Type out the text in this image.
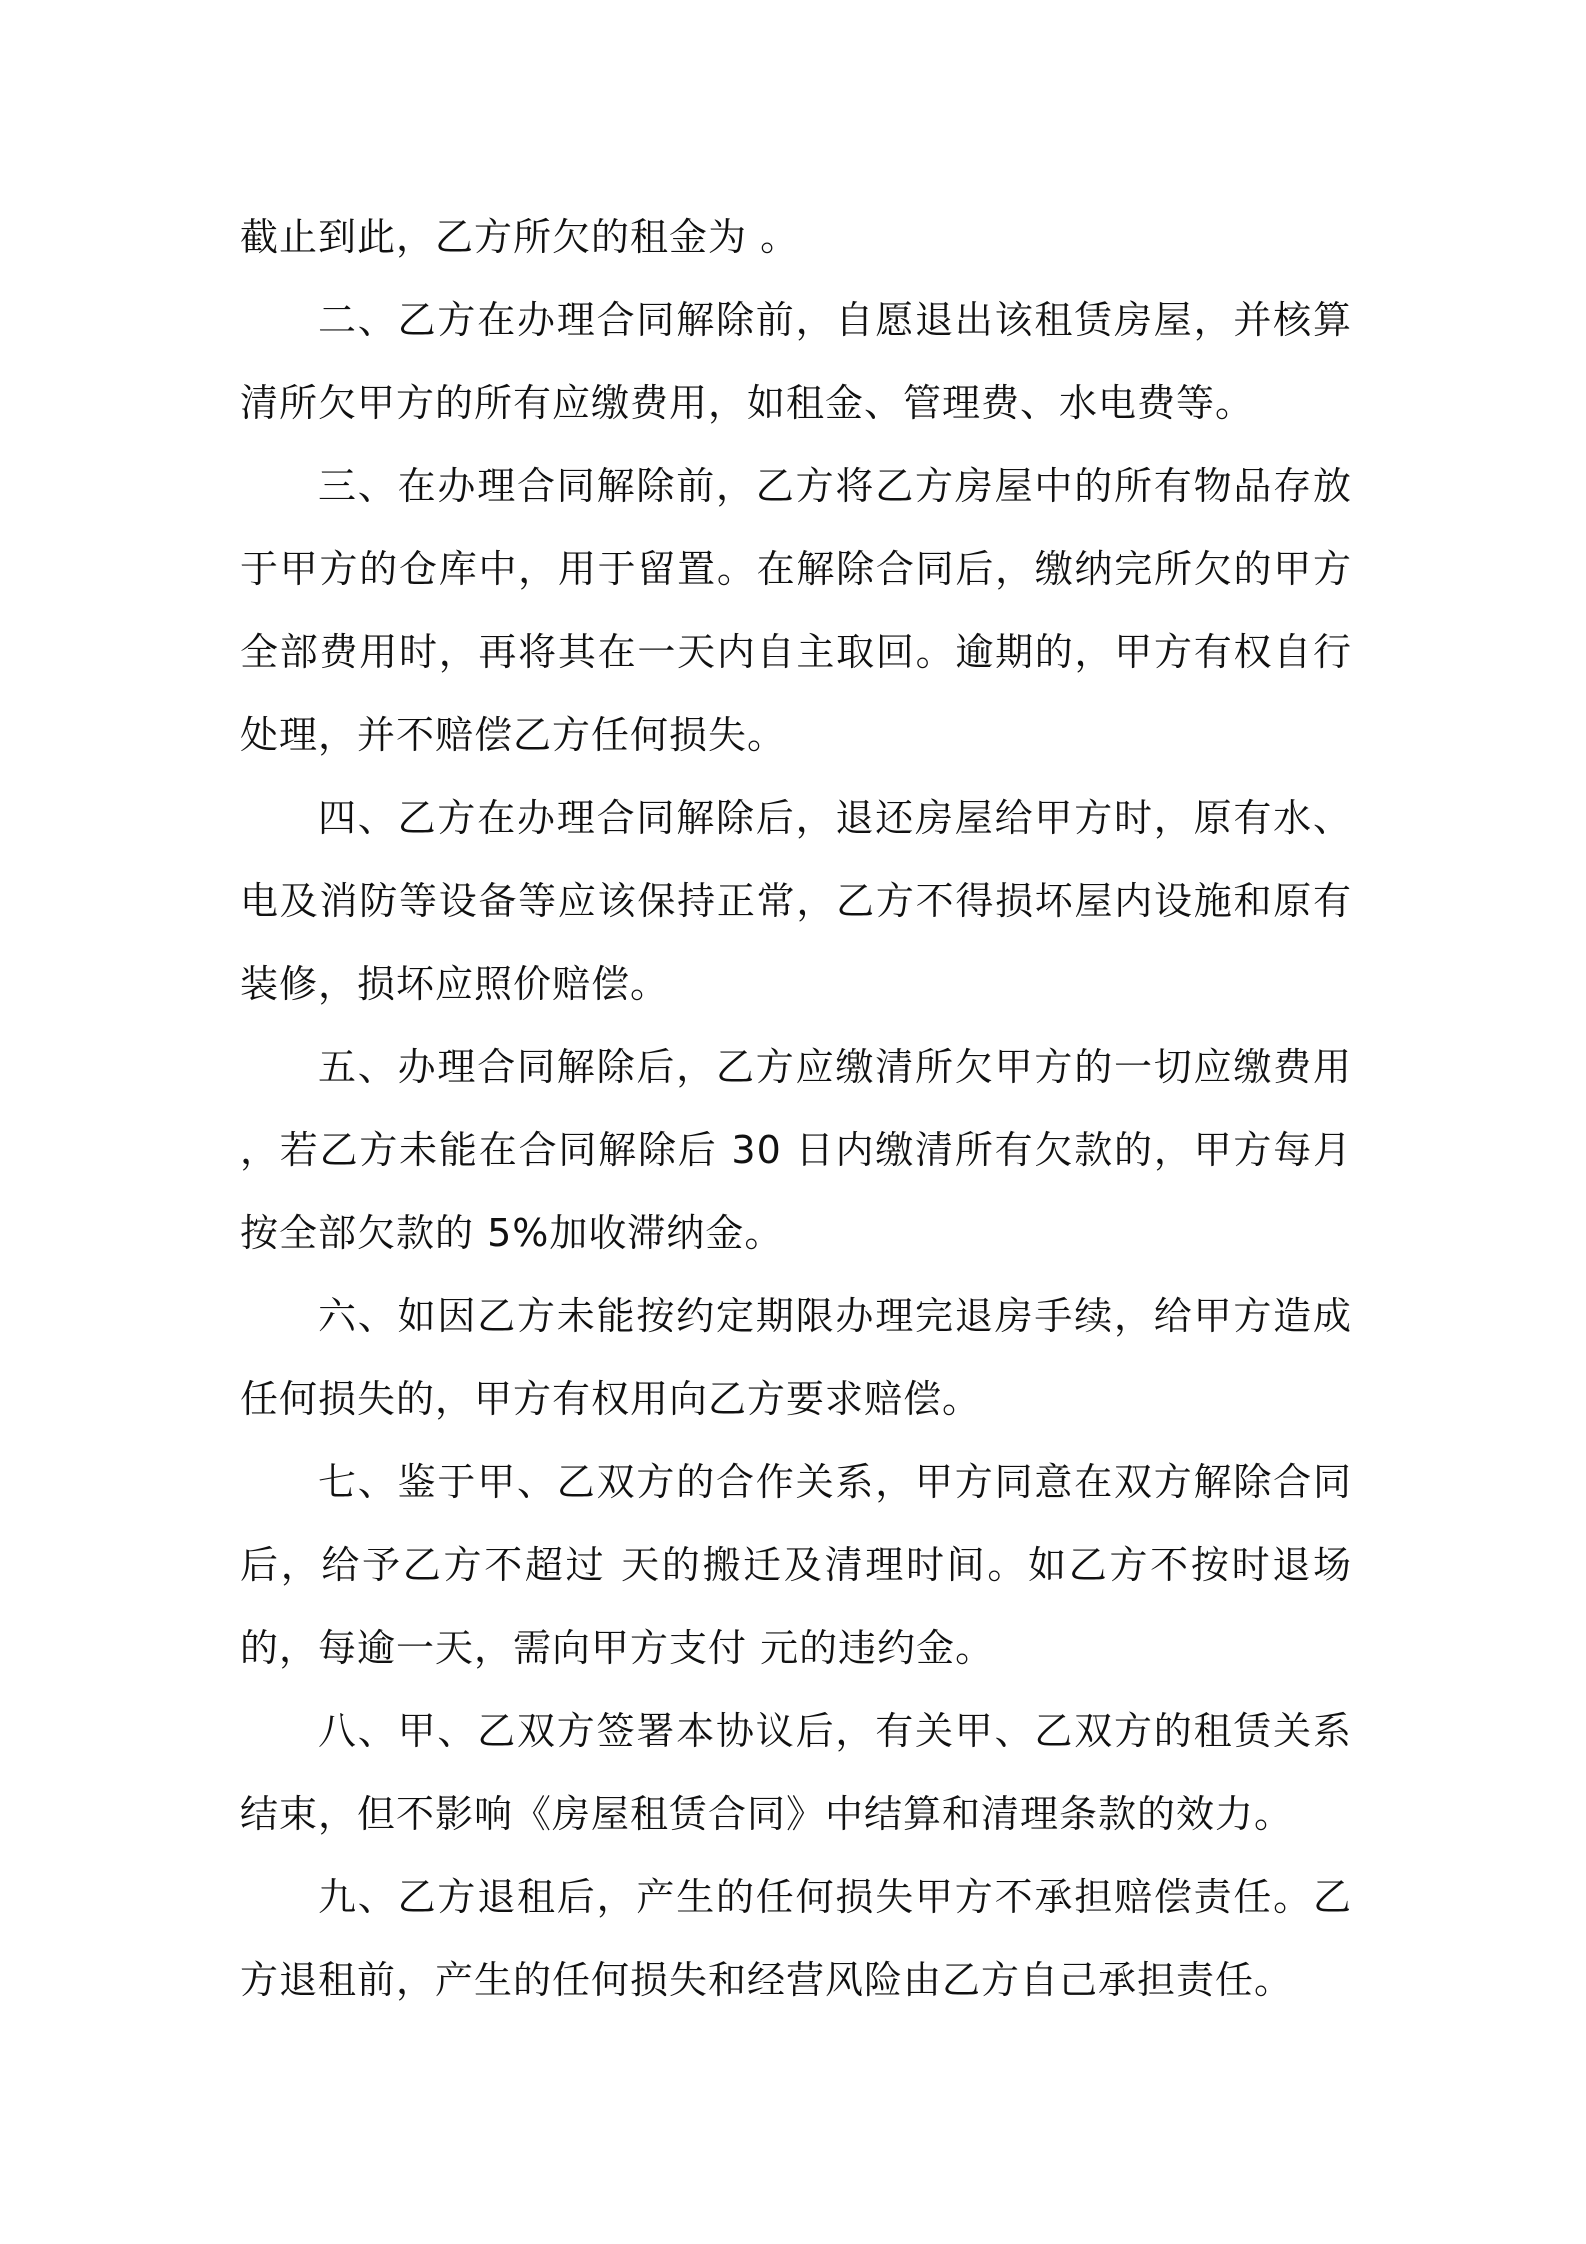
截止到此，乙方所欠的租金为 。

二、乙方在办理合同解除前，自愿退出该租赁房屋，并核算清所欠甲方的所有应缴费用，如租金、管理费、水电费等。

三、在办理合同解除前，乙方将乙方房屋中的所有物品存放于甲方的仓库中，用于留置。在解除合同后，缴纳完所欠的甲方全部费用时，再将其在一天内自主取回。逾期的，甲方有权自行处理，并不赔偿乙方任何损失。

四、乙方在办理合同解除后，退还房屋给甲方时，原有水、电及消防等设备等应该保持正常，乙方不得损坏屋内设施和原有装修，损坏应照价赔偿。

五、办理合同解除后，乙方应缴清所欠甲方的一切应缴费用 ，若乙方未能在合同解除后 30 日内缴清所有欠款的，甲方每月按全部欠款的 5%加收滞纳金。

六、如因乙方未能按约定期限办理完退房手续，给甲方造成任何损失的，甲方有权用向乙方要求赔偿。

七、鉴于甲、乙双方的合作关系，甲方同意在双方解除合同后，给予乙方不超过 天的搬迁及清理时间。如乙方不按时退场的，每逾一天，需向甲方支付 元的违约金。

八、甲、乙双方签署本协议后，有关甲、乙双方的租赁关系结束，但不影响《房屋租赁合同》中结算和清理条款的效力。

九、乙方退租后，产生的任何损失甲方不承担赔偿责任。乙方退租前，产生的任何损失和经营风险由乙方自己承担责任。
